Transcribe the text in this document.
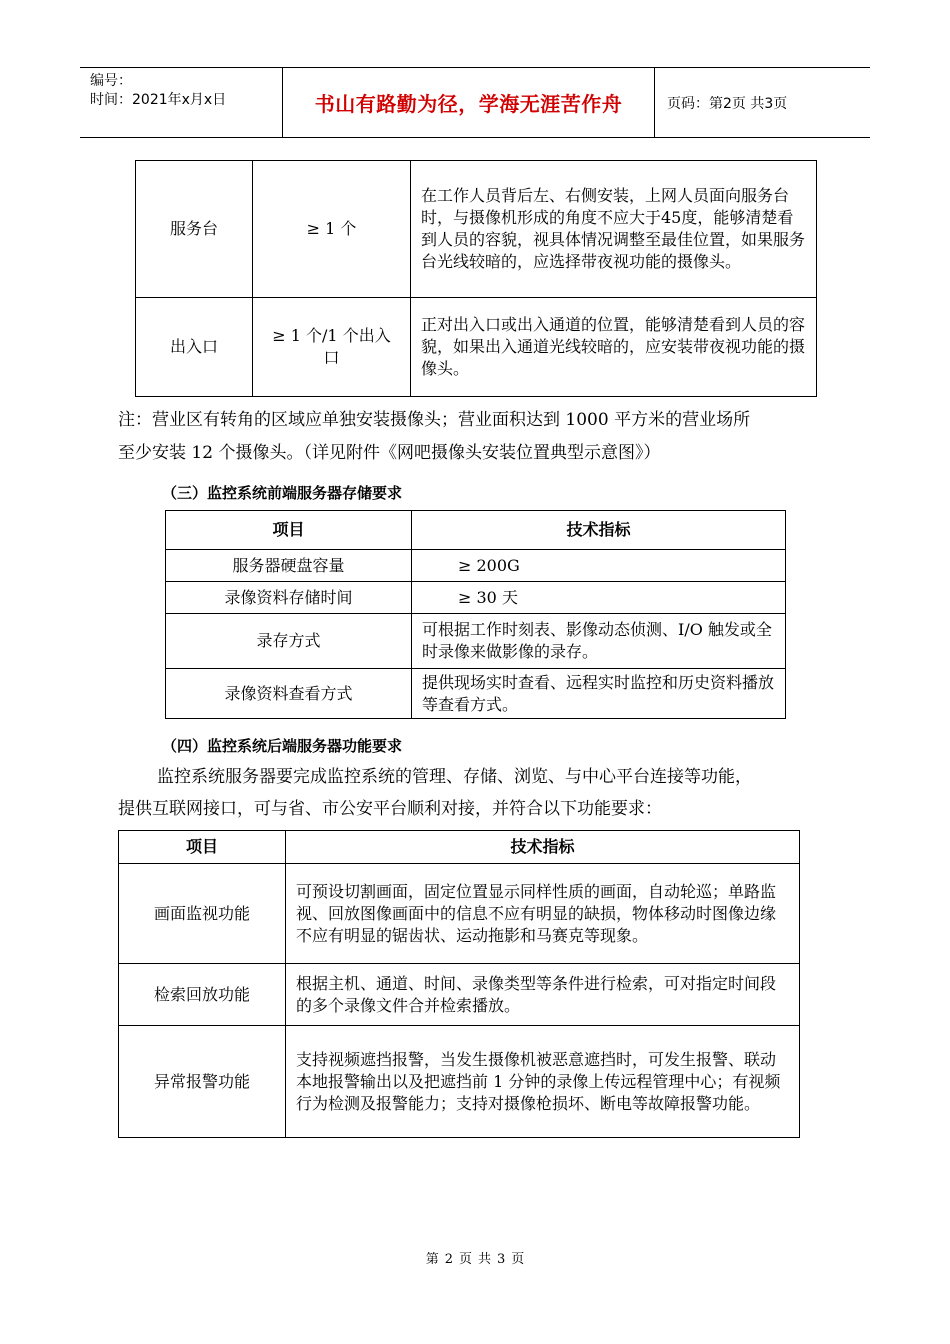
编号：
时间：2021年x月x日	书山有路勤为径，学海无涯苦作舟	页码：第2页 共3页
服务台	≥ 1 个	在工作人员背后左、右侧安装，上网人员面向服务台时，与摄像机形成的角度不应大于45度，能够清楚看到人员的容貌，视具体情况调整至最佳位置，如果服务台光线较暗的，应选择带夜视功能的摄像头。
出入口	≥ 1 个/1 个出入口	正对出入口或出入通道的位置，能够清楚看到人员的容貌，如果出入通道光线较暗的，应安装带夜视功能的摄像头。
注：营业区有转角的区域应单独安装摄像头；营业面积达到 1000 平方米的营业场所
至少安装 12 个摄像头。（详见附件《网吧摄像头安装位置典型示意图》）
（三）监控系统前端服务器存储要求
项目	技术指标
服务器硬盘容量	≥ 200G
录像资料存储时间	≥ 30 天
录存方式	可根据工作时刻表、影像动态侦测、I/O 触发或全时录像来做影像的录存。
录像资料查看方式	提供现场实时查看、远程实时监控和历史资料播放等查看方式。
（四）监控系统后端服务器功能要求
监控系统服务器要完成监控系统的管理、存储、浏览、与中心平台连接等功能，
提供互联网接口，可与省、市公安平台顺利对接，并符合以下功能要求：
项目	技术指标
画面监视功能	可预设切割画面，固定位置显示同样性质的画面，自动轮巡；单路监视、回放图像画面中的信息不应有明显的缺损，物体移动时图像边缘不应有明显的锯齿状、运动拖影和马赛克等现象。
检索回放功能	根据主机、通道、时间、录像类型等条件进行检索，可对指定时间段的多个录像文件合并检索播放。
异常报警功能	支持视频遮挡报警，当发生摄像机被恶意遮挡时，可发生报警、联动本地报警输出以及把遮挡前 1 分钟的录像上传远程管理中心；有视频行为检测及报警能力；支持对摄像枪损坏、断电等故障报警功能。
第 2 页 共 3 页
